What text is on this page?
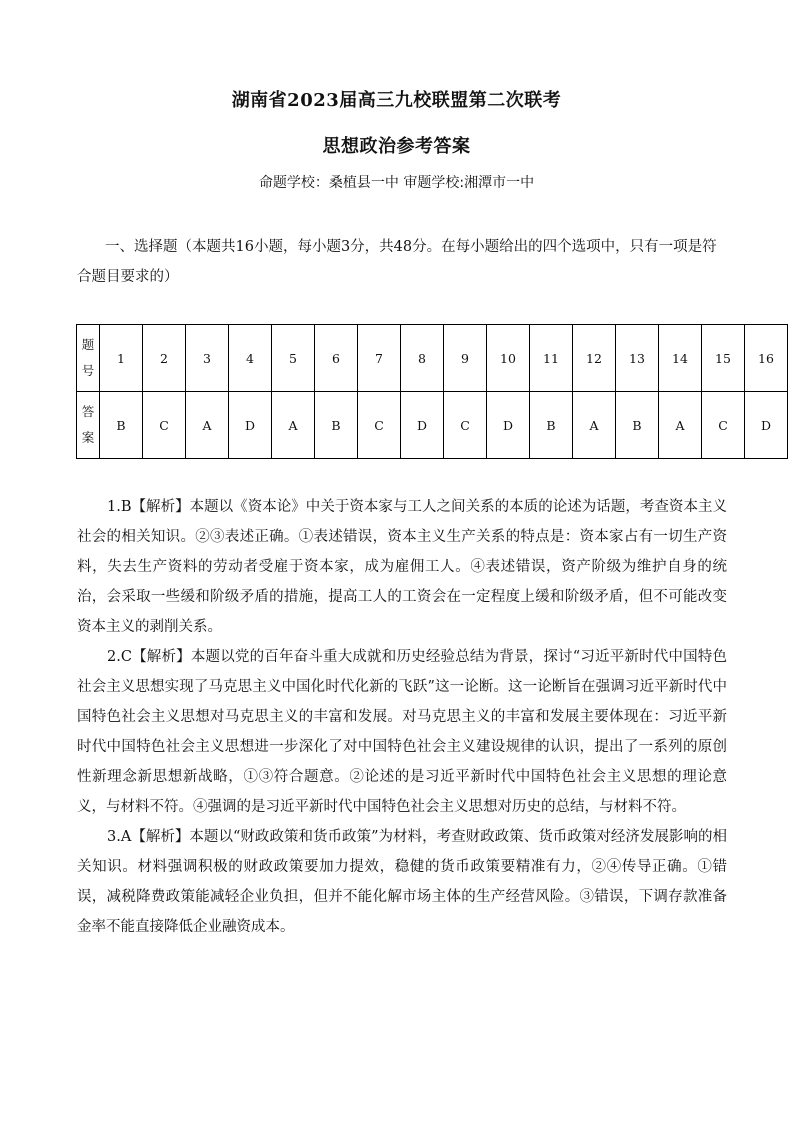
湖南省2023届高三九校联盟第二次联考
思想政治参考答案
命题学校：桑植县一中 审题学校:湘潭市一中
一、选择题（本题共16小题，每小题3分，共48分。在每小题给出的四个选项中，只有一项是符合题目要求的）
题
号	1	2	3	4	5	6	7	8	9	10	11	12	13	14	15	16

答
案	B	C	A	D	A	B	C	D	C	D	B	A	B	A	C	D

1.B【解析】本题以《资本论》中关于资本家与工人之间关系的本质的论述为话题，考查资本主义社会的相关知识。②③表述正确。①表述错误，资本主义生产关系的特点是：资本家占有一切生产资料，失去生产资料的劳动者受雇于资本家，成为雇佣工人。④表述错误，资产阶级为维护自身的统治，会采取一些缓和阶级矛盾的措施，提高工人的工资会在一定程度上缓和阶级矛盾，但不可能改变资本主义的剥削关系。

2.C【解析】本题以党的百年奋斗重大成就和历史经验总结为背景，探讨“习近平新时代中国特色社会主义思想实现了马克思主义中国化时代化新的飞跃”这一论断。这一论断旨在强调习近平新时代中国特色社会主义思想对马克思主义的丰富和发展。对马克思主义的丰富和发展主要体现在：习近平新时代中国特色社会主义思想进一步深化了对中国特色社会主义建设规律的认识，提出了一系列的原创性新理念新思想新战略，①③符合题意。②论述的是习近平新时代中国特色社会主义思想的理论意义，与材料不符。④强调的是习近平新时代中国特色社会主义思想对历史的总结，与材料不符。

3.A【解析】本题以“财政政策和货币政策”为材料，考查财政政策、货币政策对经济发展影响的相关知识。材料强调积极的财政政策要加力提效，稳健的货币政策要精准有力，②④传导正确。①错误，减税降费政策能减轻企业负担，但并不能化解市场主体的生产经营风险。③错误，下调存款准备金率不能直接降低企业融资成本。
